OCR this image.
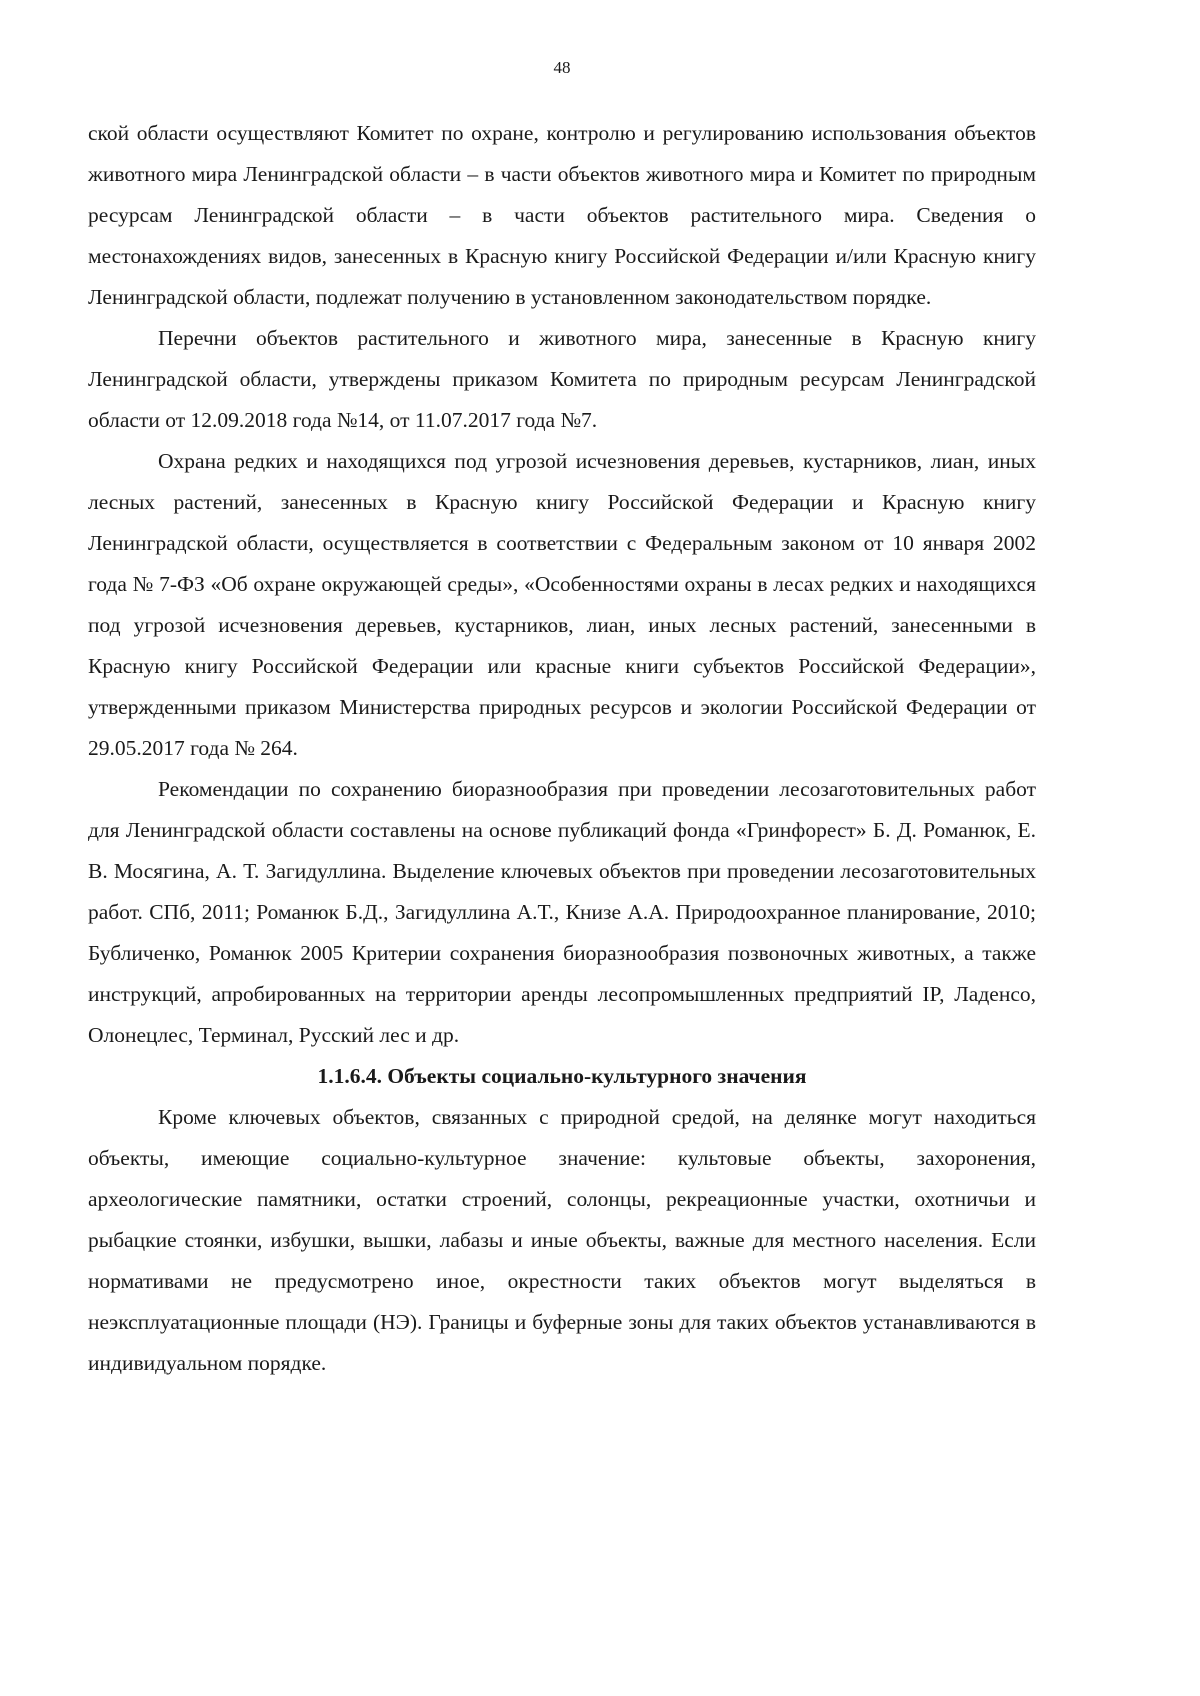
48

ской области осуществляют Комитет по охране, контролю и регулированию использования объектов животного мира Ленинградской области – в части объектов животного мира и Комитет по природным ресурсам Ленинградской области – в части объектов растительного мира. Сведения о местонахождениях видов, занесенных в Красную книгу Российской Федерации и/или Красную книгу Ленинградской области, подлежат получению в установленном законодательством порядке.

Перечни объектов растительного и животного мира, занесенные в Красную книгу Ленинградской области, утверждены приказом Комитета по природным ресурсам Ленинградской области от 12.09.2018 года №14, от 11.07.2017 года №7.

Охрана редких и находящихся под угрозой исчезновения деревьев, кустарников, лиан, иных лесных растений, занесенных в Красную книгу Российской Федерации и Красную книгу Ленинградской области, осуществляется в соответствии с Федеральным законом от 10 января 2002 года № 7-ФЗ «Об охране окружающей среды», «Особенностями охраны в лесах редких и находящихся под угрозой исчезновения деревьев, кустарников, лиан, иных лесных растений, занесенными в Красную книгу Российской Федерации или красные книги субъектов Российской Федерации», утвержденными приказом Министерства природных ресурсов и экологии Российской Федерации от 29.05.2017 года № 264.

Рекомендации по сохранению биоразнообразия при проведении лесозаготовительных работ для Ленинградской области составлены на основе публикаций фонда «Гринфорест» Б. Д. Романюк, Е. В. Мосягина, А. Т. Загидуллина. Выделение ключевых объектов при проведении лесозаготовительных работ. СПб, 2011; Романюк Б.Д., Загидуллина А.Т., Книзе А.А. Природоохранное планирование, 2010; Бубличенко, Романюк 2005 Критерии сохранения биоразнообразия позвоночных животных, а также инструкций, апробированных на территории аренды лесопромышленных предприятий IP, Ладенсо, Олонецлес, Терминал, Русский лес и др.

1.1.6.4. Объекты социально-культурного значения

Кроме ключевых объектов, связанных с природной средой, на делянке могут находиться объекты, имеющие социально-культурное значение: культовые объекты, захоронения, археологические памятники, остатки строений, солонцы, рекреационные участки, охотничьи и рыбацкие стоянки, избушки, вышки, лабазы и иные объекты, важные для местного населения. Если нормативами не предусмотрено иное, окрестности таких объектов могут выделяться в неэксплуатационные площади (НЭ). Границы и буферные зоны для таких объектов устанавливаются в индивидуальном порядке.
